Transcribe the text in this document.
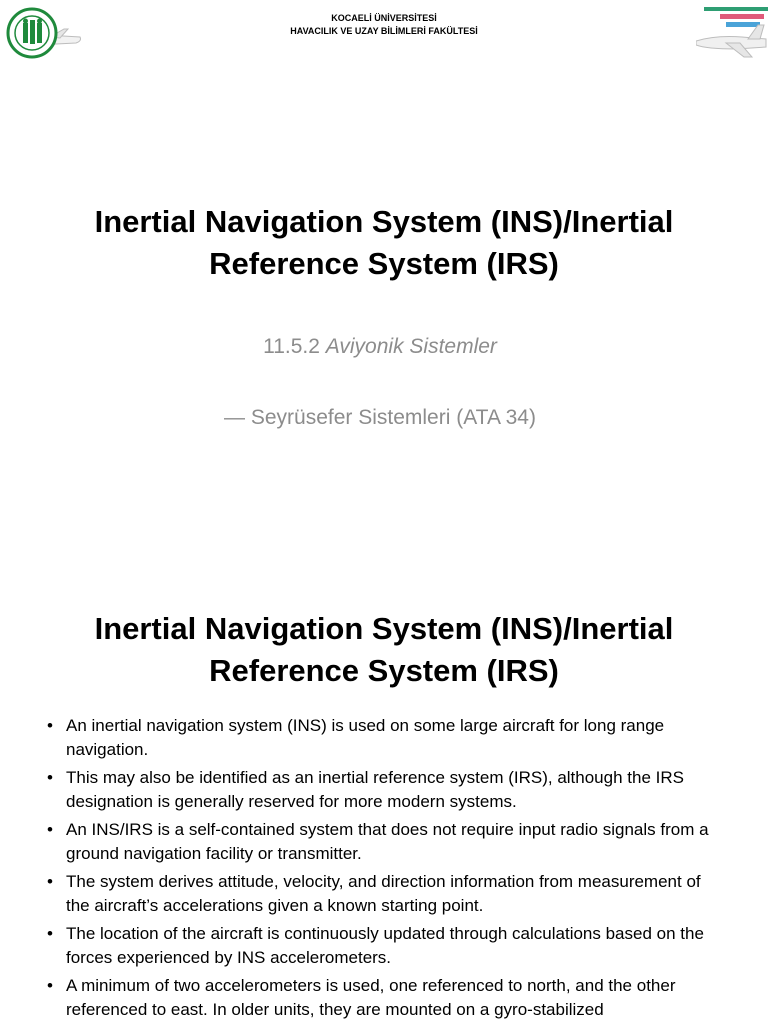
KOCAELİ ÜNİVERSİTESİ
HAVACILIK VE UZAY BİLİMLERİ FAKÜLTESİ
Inertial Navigation System (INS)/Inertial
Reference System (IRS)
11.5.2 Aviyonik Sistemler
— Seyrüsefer Sistemleri (ATA 34)
Inertial Navigation System (INS)/Inertial
Reference System (IRS)
• An inertial navigation system (INS) is used on some large aircraft for long range navigation.
• This may also be identified as an inertial reference system (IRS), although the IRS designation is generally reserved for more modern systems.
• An INS/IRS is a self-contained system that does not require input radio signals from a ground navigation facility or transmitter.
• The system derives attitude, velocity, and direction information from measurement of the aircraft’s accelerations given a known starting point.
• The location of the aircraft is continuously updated through calculations based on the forces experienced by INS accelerometers.
• A minimum of two accelerometers is used, one referenced to north, and the other referenced to east. In older units, they are mounted on a gyro-stabilized
